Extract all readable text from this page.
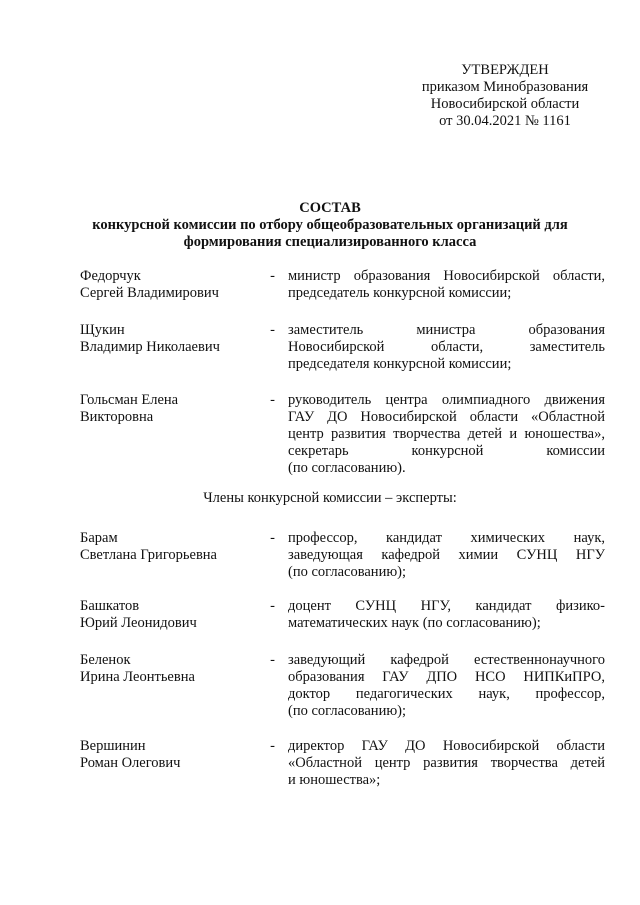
УТВЕРЖДЕН
приказом Минобразования
Новосибирской области
от 30.04.2021 № 1161
СОСТАВ
конкурсной комиссии по отбору общеобразовательных организаций для
формирования специализированного класса
Федорчук
Сергей Владимирович
- министр образования Новосибирской области,
председатель конкурсной комиссии;
Щукин
Владимир Николаевич
- заместитель министра образования
Новосибирской области, заместитель
председателя конкурсной комиссии;
Гольсман Елена
Викторовна
- руководитель центра олимпиадного движения
ГАУ ДО Новосибирской области «Областной
центр развития творчества детей и юношества»,
секретарь конкурсной комиссии
(по согласованию).
Члены конкурсной комиссии – эксперты:
Барам
Светлана Григорьевна
- профессор, кандидат химических наук,
заведующая кафедрой химии СУНЦ НГУ
(по согласованию);
Башкатов
Юрий Леонидович
- доцент СУНЦ НГУ, кандидат физико-
математических наук (по согласованию);
Беленок
Ирина Леонтьевна
- заведующий кафедрой естественнонаучного
образования ГАУ ДПО НСО НИПКиПРО,
доктор педагогических наук, профессор,
(по согласованию);
Вершинин
Роман Олегович
- директор ГАУ ДО Новосибирской области
«Областной центр развития творчества детей
и юношества»;
